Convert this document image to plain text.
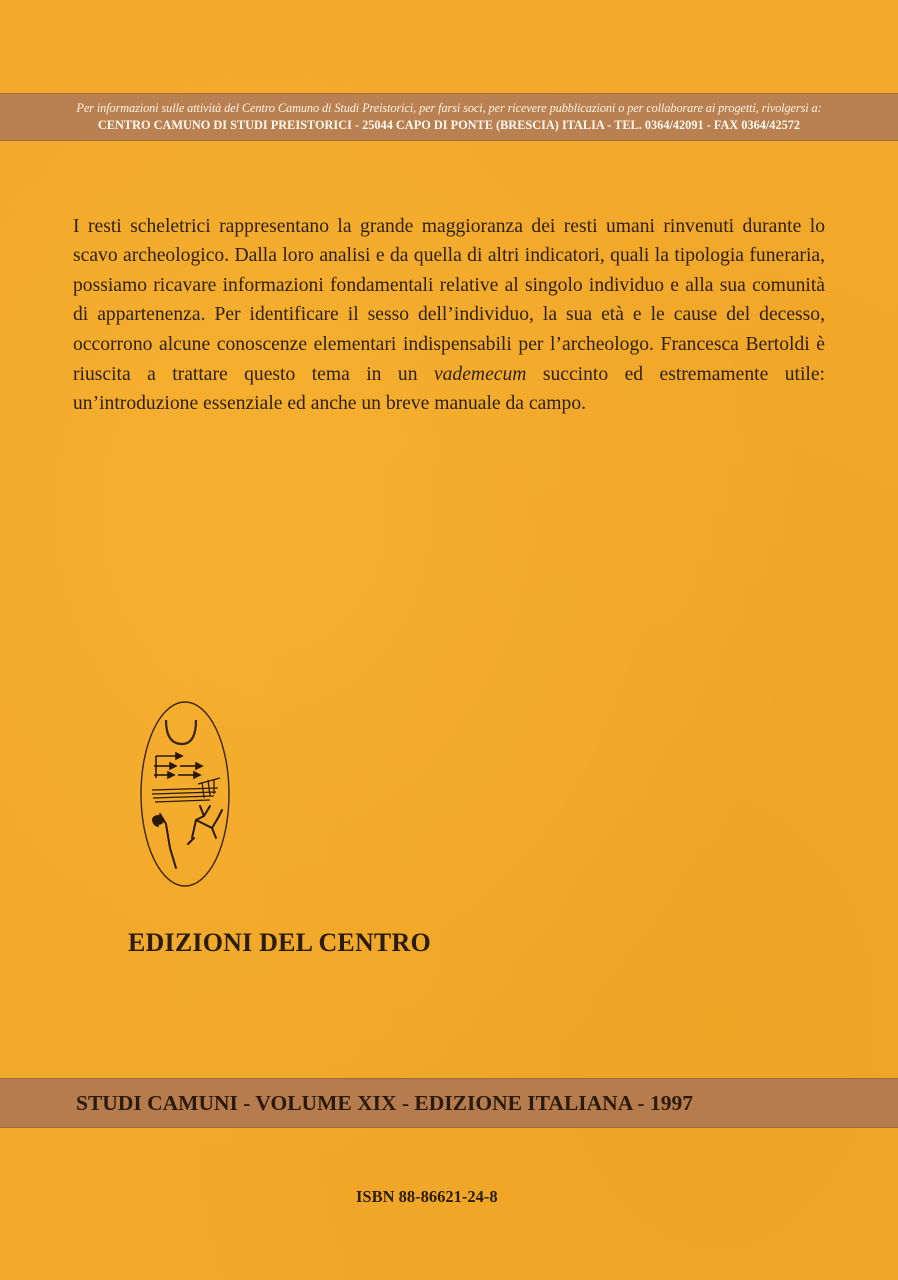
Per informazioni sulle attività del Centro Camuno di Studi Preistorici, per farsi soci, per ricevere pubblicazioni o per collaborare ai progetti, rivolgersi a:
CENTRO CAMUNO DI STUDI PREISTORICI - 25044 CAPO DI PONTE (BRESCIA) ITALIA - TEL. 0364/42091 - FAX 0364/42572

I resti scheletrici rappresentano la grande maggioranza dei resti umani rinvenuti durante lo scavo archeologico. Dalla loro analisi e da quella di altri indicatori, quali la tipologia funeraria, possiamo ricavare informazioni fondamentali relative al singolo individuo e alla sua comunità di appartenenza. Per identificare il sesso dell’individuo, la sua età e le cause del decesso, occorrono alcune conoscenze elementari indispensabili per l’archeologo. Francesca Bertoldi è riuscita a trattare questo tema in un vademecum succinto ed estremamente utile: un’introduzione essenziale ed anche un breve manuale da campo.

EDIZIONI DEL CENTRO
STUDI CAMUNI - VOLUME XIX - EDIZIONE ITALIANA - 1997
ISBN 88-86621-24-8
